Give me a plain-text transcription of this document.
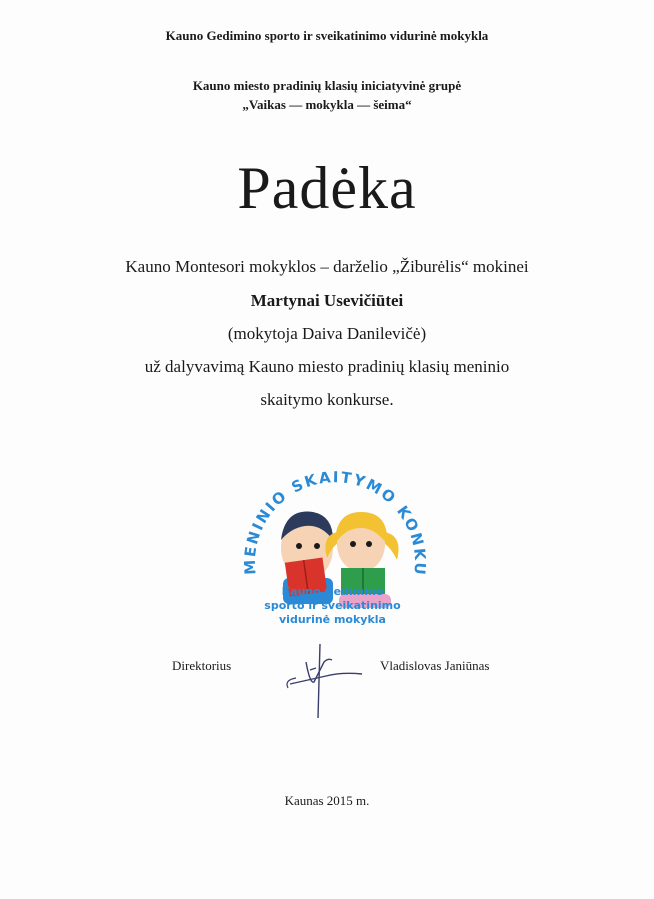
Kauno Gedimino sporto ir sveikatinimo vidurinė mokykla
Kauno miesto pradinių klasių iniciatyvinė grupė
„Vaikas — mokykla — šeima“
Padėka
Kauno Montesori mokyklos – darželio „Žiburėlis“ mokinei
Martynai Usevičiūtei
(mokytoja Daiva Danilevičė)
už dalyvavimą Kauno miesto pradinių klasių meninio
skaitymo konkurse.
MENINIO SKAITYMO KONKU
Kauno Gedimino
sporto ir sveikatinimo
vidurinė mokykla
Direktorius	Vladislovas Janiūnas
Kaunas 2015 m.
